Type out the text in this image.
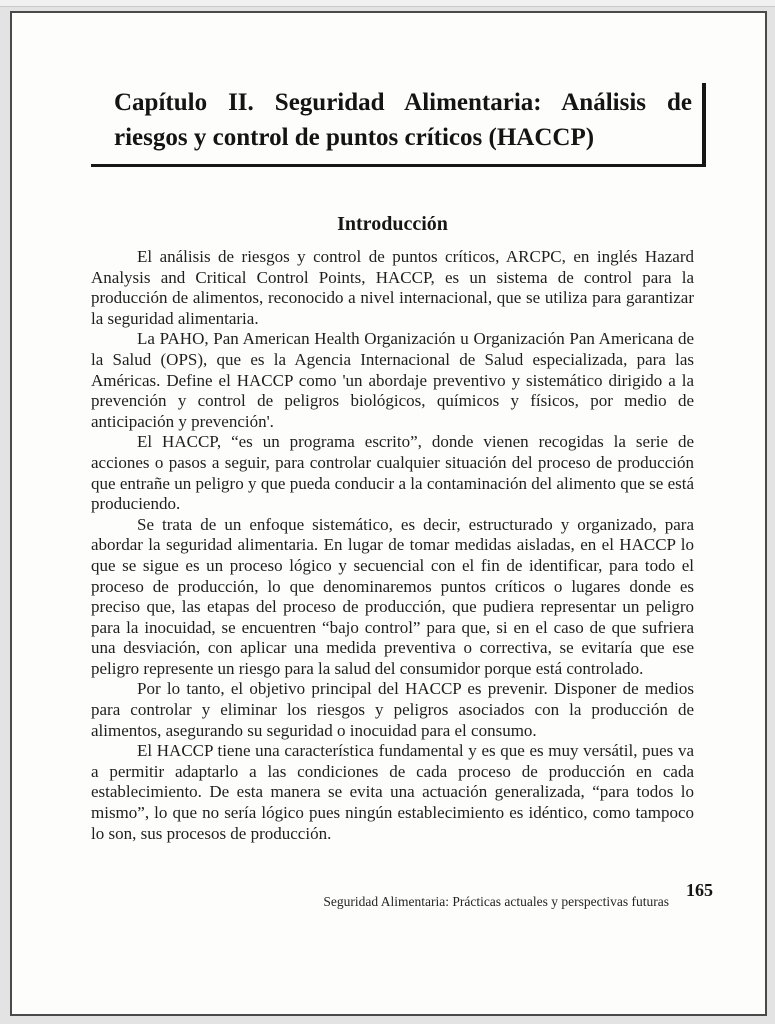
Capítulo II. Seguridad Alimentaria: Análisis de
riesgos y control de puntos críticos (HACCP)
Introducción

El análisis de riesgos y control de puntos críticos, ARCPC, en inglés Hazard Analysis and Critical Control Points, HACCP, es un sistema de control para la producción de alimentos, reconocido a nivel internacional, que se utiliza para garantizar la seguridad alimentaria.

La PAHO, Pan American Health Organización u Organización Pan Americana de la Salud (OPS), que es la Agencia Internacional de Salud especializada, para las Américas. Define el HACCP como 'un abordaje preventivo y sistemático dirigido a la prevención y control de peligros biológicos, químicos y físicos, por medio de anticipación y prevención'.

El HACCP, “es un programa escrito”, donde vienen recogidas la serie de acciones o pasos a seguir, para controlar cualquier situación del proceso de producción que entrañe un peligro y que pueda conducir a la contaminación del alimento que se está produciendo.

Se trata de un enfoque sistemático, es decir, estructurado y organizado, para abordar la seguridad alimentaria. En lugar de tomar medidas aisladas, en el HACCP lo que se sigue es un proceso lógico y secuencial con el fin de identificar, para todo el proceso de producción, lo que denominaremos puntos críticos o lugares donde es preciso que, las etapas del proceso de producción, que pudiera representar un peligro para la inocuidad, se encuentren “bajo control” para que, si en el caso de que sufriera una desviación, con aplicar una medida preventiva o correctiva, se evitaría que ese peligro represente un riesgo para la salud del consumidor porque está controlado.

Por lo tanto, el objetivo principal del HACCP es prevenir. Disponer de medios para controlar y eliminar los riesgos y peligros asociados con la producción de alimentos, asegurando su seguridad o inocuidad para el consumo.

El HACCP tiene una característica fundamental y es que es muy versátil, pues va a permitir adaptarlo a las condiciones de cada proceso de producción en cada establecimiento. De esta manera se evita una actuación generalizada, “para todos lo mismo”, lo que no sería lógico pues ningún establecimiento es idéntico, como tampoco lo son, sus procesos de producción.

Seguridad Alimentaria: Prácticas actuales y perspectivas futuras
165
